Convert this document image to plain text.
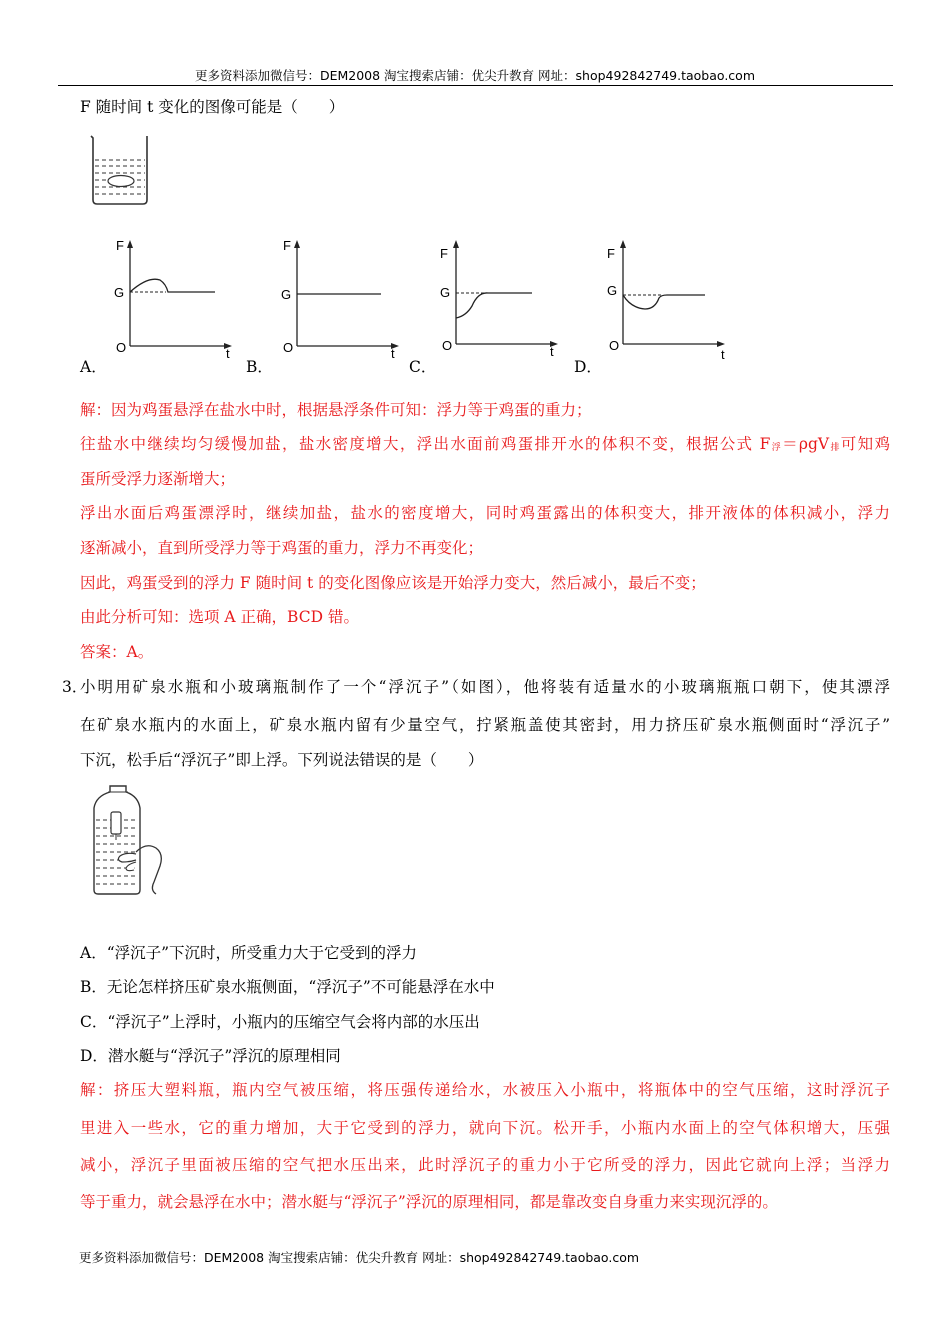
更多资料添加微信号：DEM2008 淘宝搜索店铺：优尖升教育 网址：shop492842749.taobao.com
F 随时间 t 变化的图像可能是（　　）
F
G
O	t
F
G
O	t
F
G
O	t
F
G
O
t
A．	B．	C．	D．
解：因为鸡蛋悬浮在盐水中时，根据悬浮条件可知：浮力等于鸡蛋的重力；
往盐水中继续均匀缓慢加盐，盐水密度增大，浮出水面前鸡蛋排开水的体积不变，根据公式 $F_浮=\rho gV_排$可知鸡
蛋所受浮力逐渐增大；
浮出水面后鸡蛋漂浮时，继续加盐，盐水的密度增大，同时鸡蛋露出的体积变大，排开液体的体积减小，浮力
逐渐减小，直到所受浮力等于鸡蛋的重力，浮力不再变化；
因此，鸡蛋受到的浮力 F 随时间 t 的变化图像应该是开始浮力变大，然后减小，最后不变；
由此分析可知：选项 A 正确，BCD 错。
答案：A。
3．
小明用矿泉水瓶和小玻璃瓶制作了一个“浮沉子”（如图），他将装有适量水的小玻璃瓶瓶口朝下，使其漂浮
在矿泉水瓶内的水面上，矿泉水瓶内留有少量空气，拧紧瓶盖使其密封，用力挤压矿泉水瓶侧面时“浮沉子”
下沉，松手后“浮沉子”即上浮。下列说法错误的是（　　）
A．“浮沉子”下沉时，所受重力大于它受到的浮力
B．无论怎样挤压矿泉水瓶侧面，“浮沉子”不可能悬浮在水中
C．“浮沉子”上浮时，小瓶内的压缩空气会将内部的水压出
D．潜水艇与“浮沉子”浮沉的原理相同
解：挤压大塑料瓶，瓶内空气被压缩，将压强传递给水，水被压入小瓶中，将瓶体中的空气压缩，这时浮沉子
里进入一些水，它的重力增加，大于它受到的浮力，就向下沉。松开手，小瓶内水面上的空气体积增大，压强
减小，浮沉子里面被压缩的空气把水压出来，此时浮沉子的重力小于它所受的浮力，因此它就向上浮；当浮力
等于重力，就会悬浮在水中；潜水艇与“浮沉子”浮沉的原理相同，都是靠改变自身重力来实现沉浮的。
更多资料添加微信号：DEM2008 淘宝搜索店铺：优尖升教育 网址：shop492842749.taobao.com
